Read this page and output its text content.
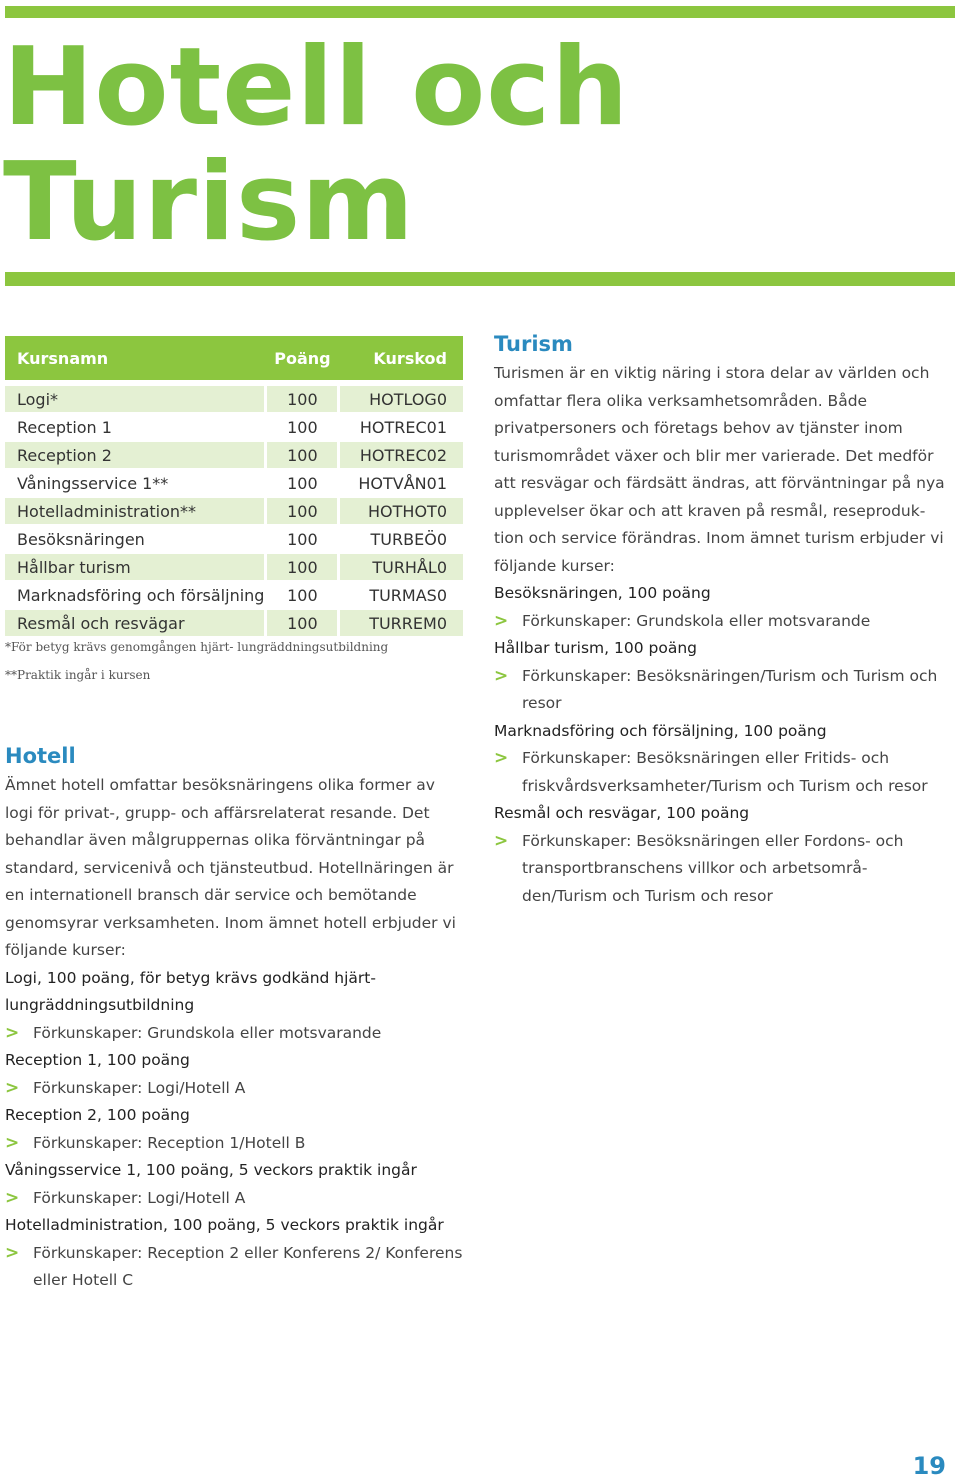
Hotell och
Turism
Kursnamn	Poäng	Kurskod

Logi*	100	HOTLOG0
Reception 1	100	HOTREC01
Reception 2	100	HOTREC02
Våningsservice 1**	100	HOTVÅN01
Hotelladministration**	100	HOTHOT0
Besöksnäringen	100	TURBEÖ0
Hållbar turism	100	TURHÅL0
Marknadsföring och försäljning	100	TURMAS0
Resmål och resvägar	100	TURREM0

*För betyg krävs genomgången hjärt- lungräddningsutbildning

**Praktik ingår i kursen

Hotell

Ämnet hotell omfattar besöksnäringens olika former av logi för privat-, grupp- och affärsrelaterat resande. Det behandlar även målgruppernas olika förväntningar på standard, servicenivå och tjänsteutbud. Hotellnäringen är en internationell bransch där service och bemötande genomsyrar verksamheten. Inom ämnet hotell erbjuder vi följande kurser:

Logi, 100 poäng, för betyg krävs godkänd hjärt-lungräddningsutbildning

> Förkunskaper: Grundskola eller motsvarande

Reception 1, 100 poäng

> Förkunskaper: Logi/Hotell A

Reception 2, 100 poäng

> Förkunskaper: Reception 1/Hotell B

Våningsservice 1, 100 poäng, 5 veckors praktik ingår

> Förkunskaper: Logi/Hotell A

Hotelladministration, 100 poäng, 5 veckors praktik ingår

> Förkunskaper: Reception 2 eller Konferens 2/ Konferens eller Hotell C

Turism

Turismen är en viktig näring i stora delar av världen och omfattar flera olika verksamhetsområden. Både privatpersoners och företags behov av tjänster inom turismområdet växer och blir mer varierade. Det medför att resvägar och färdsätt ändras, att förväntningar på nya upplevelser ökar och att kraven på resmål, reseproduk-tion och service förändras. Inom ämnet turism erbjuder vi följande kurser:

Besöksnäringen, 100 poäng

> Förkunskaper: Grundskola eller motsvarande

Hållbar turism, 100 poäng

> Förkunskaper: Besöksnäringen/Turism och Turism och resor

Marknadsföring och försäljning, 100 poäng

> Förkunskaper: Besöksnäringen eller Fritids- och friskvårdsverksamheter/Turism och Turism och resor

Resmål och resvägar, 100 poäng

> Förkunskaper: Besöksnäringen eller Fordons- och transportbranschens villkor och arbetsområ-den/Turism och Turism och resor

19
